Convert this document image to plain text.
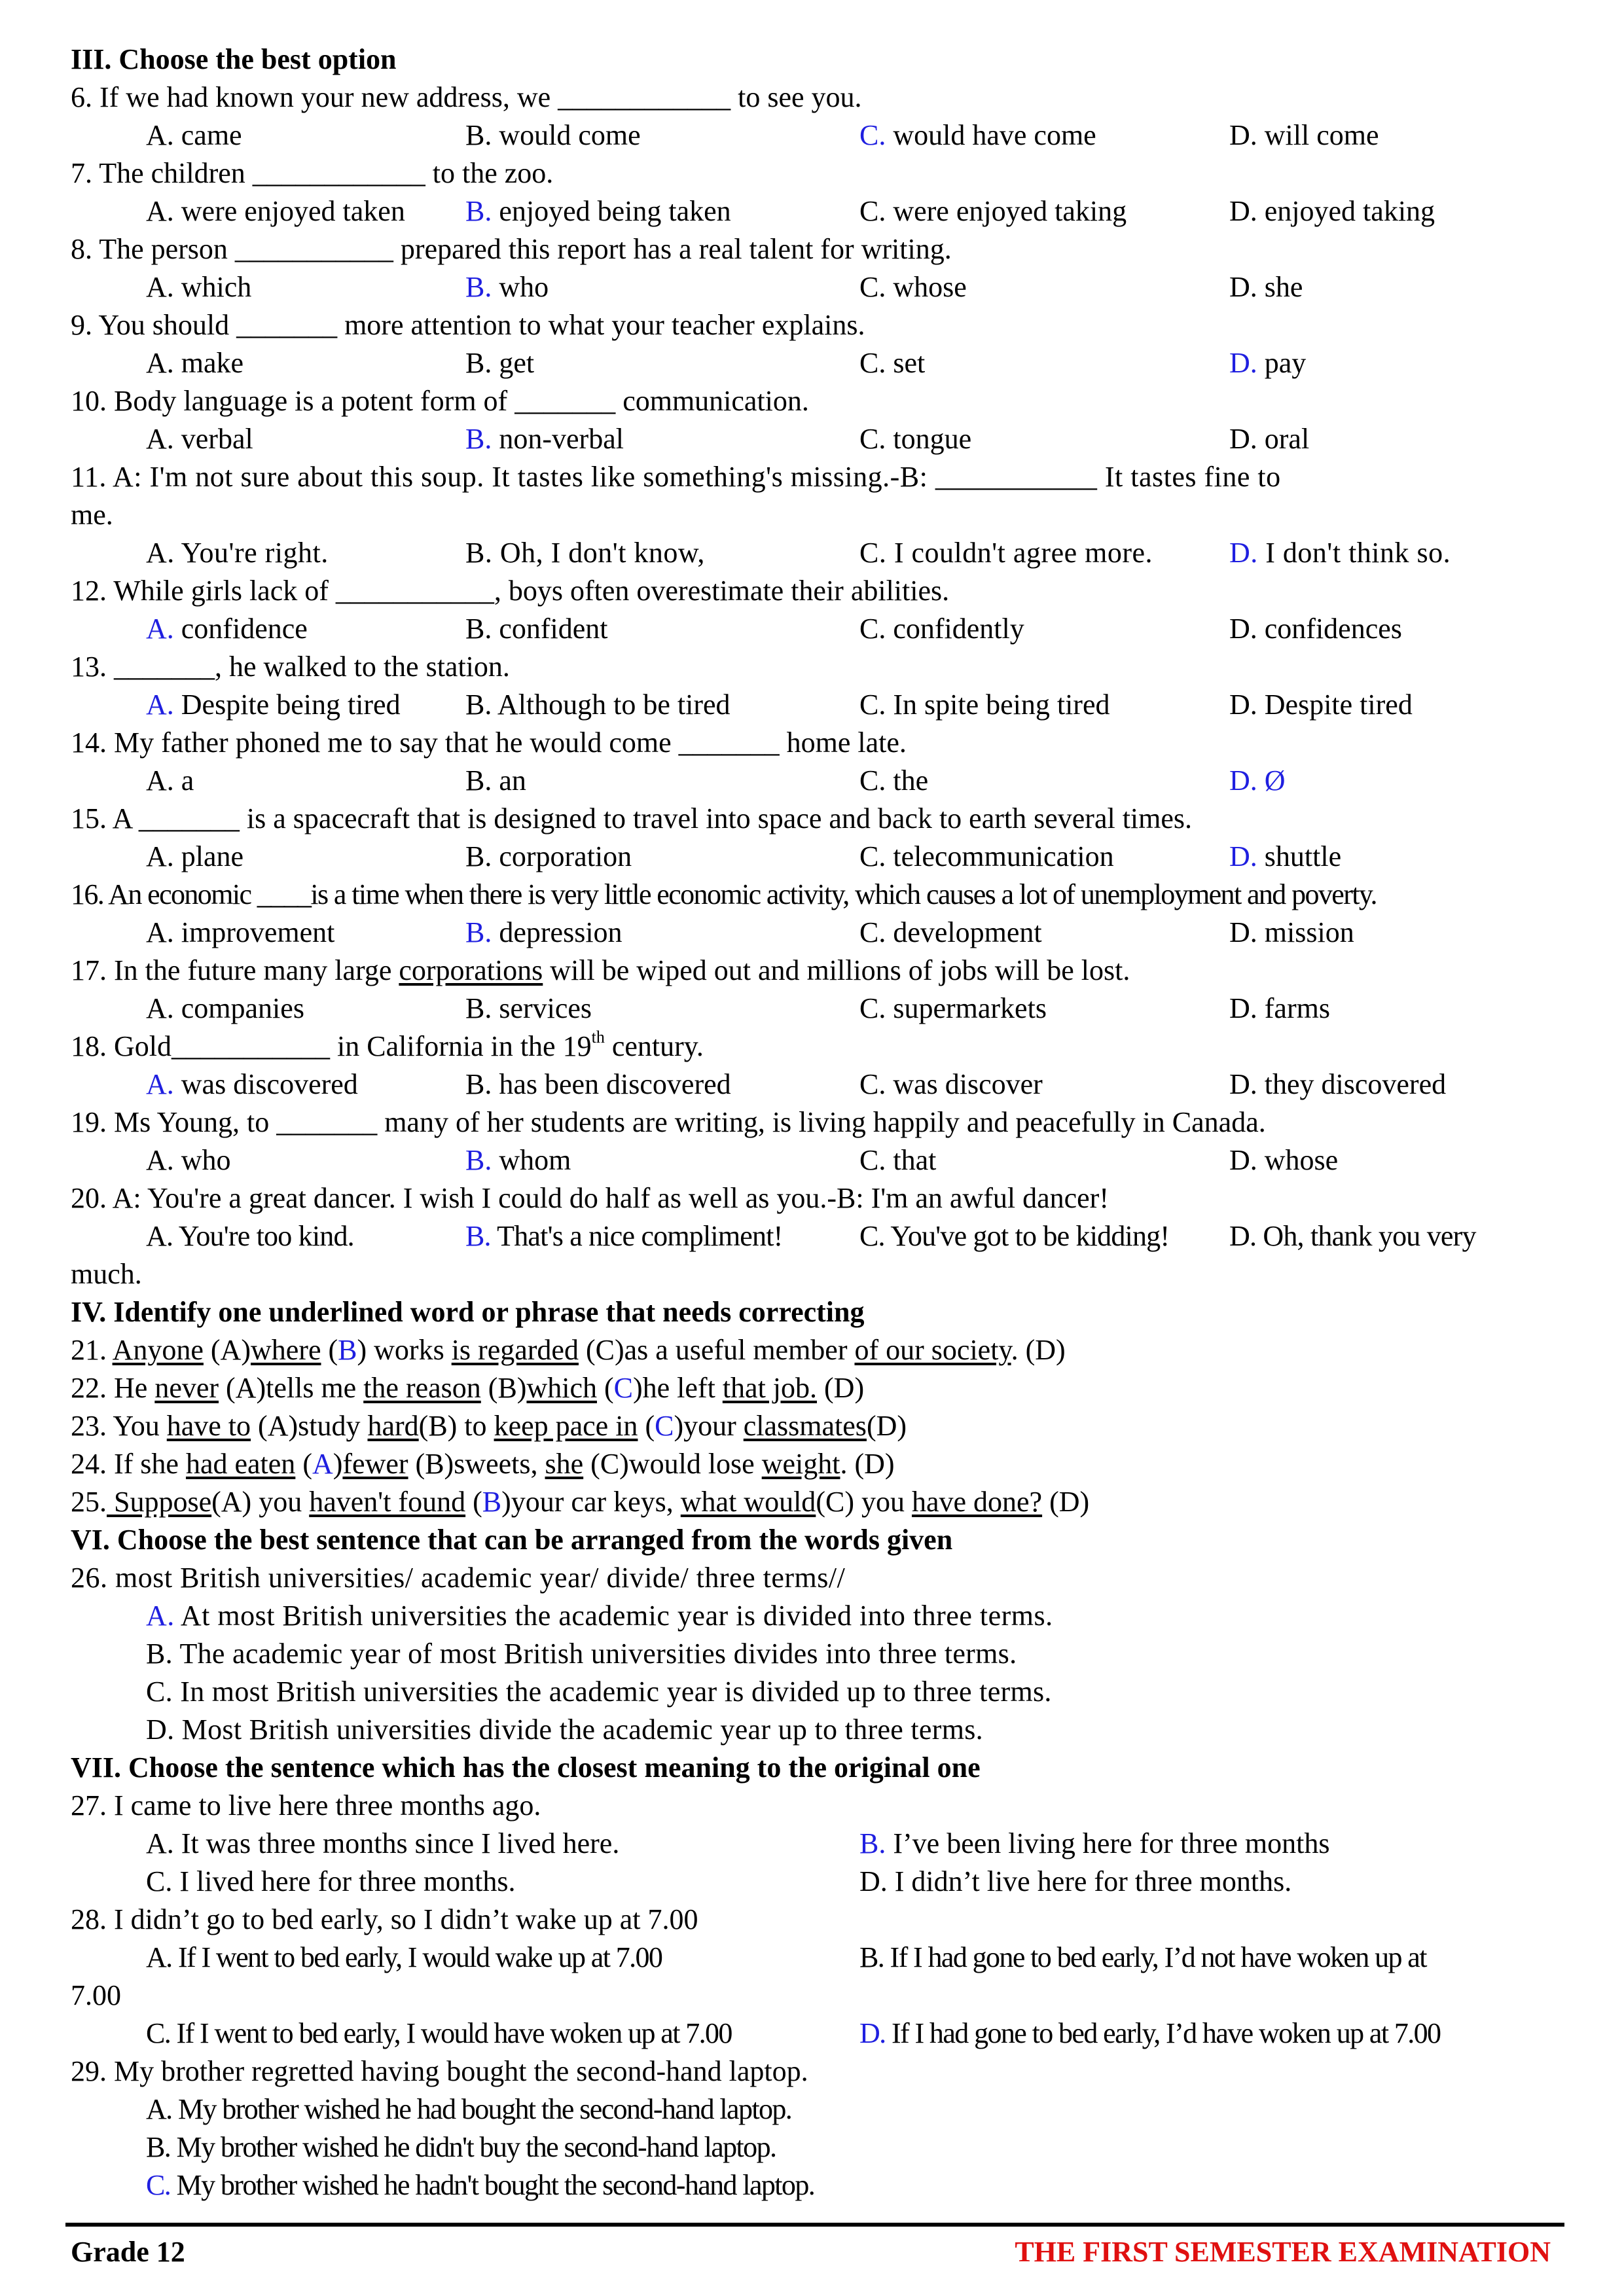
III. Choose the best option
6. If we had known your new address, we ____________ to see you.
A. came	B. would come	C. would have come	D. will come
7. The children ____________ to the zoo.
A. were enjoyed taken B. enjoyed being taken	C. were enjoyed taking	D. enjoyed taking
8. The person ___________ prepared this report has a real talent for writing.
A. which	B. who	C. whose	D. she
9. You should _______ more attention to what your teacher explains.
A. make	B. get	C. set	D. pay
10. Body language is a potent form of _______ communication.
A. verbal	B. non-verbal	C. tongue	D. oral
11. A: I'm not sure about this soup. It tastes like something's missing.-B: ___________ It tastes fine to
me.
A. You're right.	B. Oh, I don't know,	C. I couldn't agree more.	D. I don't think so.
12. While girls lack of ___________, boys often overestimate their abilities.
A. confidence	B. confident	C. confidently	D. confidences
13. _______, he walked to the station.
A. Despite being tired B. Although to be tired	C. In spite being tired	D. Despite tired
14. My father phoned me to say that he would come _______ home late.
A. a	B. an	C. the	D. Ø
15. A _______ is a spacecraft that is designed to travel into space and back to earth several times.
A. plane	B. corporation	C. telecommunication	D. shuttle
16. An economic ____is a time when there is very little economic activity, which causes a lot of unemployment and poverty.
A. improvement	B. depression	C. development	D. mission
17. In the future many large corporations will be wiped out and millions of jobs will be lost.
A. companies	B. services	C. supermarkets	D. farms
18. Gold___________ in California in the 19th century.
A. was discovered	B. has been discovered	C. was discover	D. they discovered
19. Ms Young, to _______ many of her students are writing, is living happily and peacefully in Canada.
A. who	B. whom	C. that	D. whose
20. A: You're a great dancer. I wish I could do half as well as you.-B: I'm an awful dancer!
A. You're too kind.	B. That's a nice compliment!	C. You've got to be kidding! D. Oh, thank you very
much.
IV. Identify one underlined word or phrase that needs correcting
21. Anyone (A)where (B) works is regarded (C)as a useful member of our society. (D)
22. He never (A)tells me the reason (B)which (C)he left that job. (D)
23. You have to (A)study hard(B) to keep pace in (C)your classmates(D)
24. If she had eaten (A)fewer (B)sweets, she (C)would lose weight. (D)
25. Suppose(A) you haven't found (B)your car keys, what would(C) you have done? (D)
VI. Choose the best sentence that can be arranged from the words given
26. most British universities/ academic year/ divide/ three terms//
A. At most British universities the academic year is divided into three terms.
B. The academic year of most British universities divides into three terms.
C. In most British universities the academic year is divided up to three terms.
D. Most British universities divide the academic year up to three terms.
VII. Choose the sentence which has the closest meaning to the original one
27. I came to live here three months ago.
A. It was three months since I lived here.	B. I’ve been living here for three months
C. I lived here for three months.	D. I didn’t live here for three months.
28. I didn’t go to bed early, so I didn’t wake up at 7.00
A. If I went to bed early, I would wake up at 7.00	B. If I had gone to bed early, I’d not have woken up at
7.00
C. If I went to bed early, I would have woken up at 7.00	D. If I had gone to bed early, I’d have woken up at 7.00
29. My brother regretted having bought the second-hand laptop.
A. My brother wished he had bought the second-hand laptop.
B. My brother wished he didn't buy the second-hand laptop.
C. My brother wished he hadn't bought the second-hand laptop.
Grade 12	THE FIRST SEMESTER EXAMINATION
